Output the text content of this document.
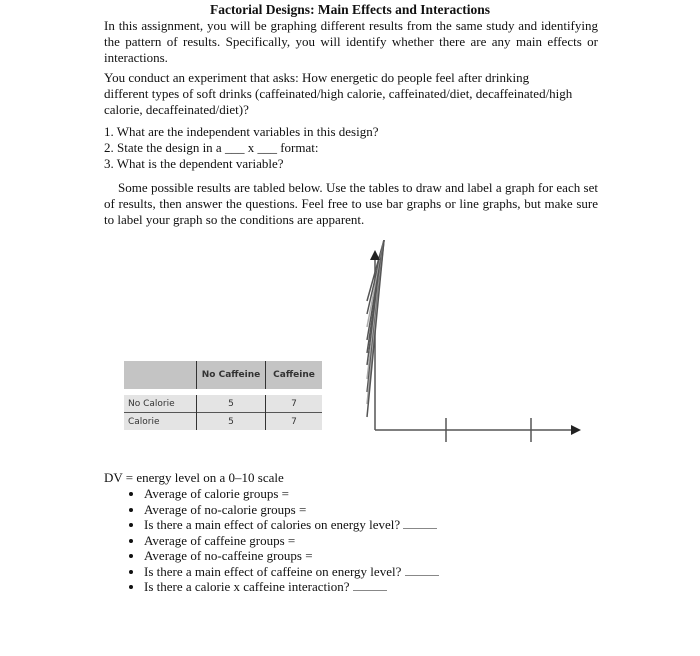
Factorial Designs: Main Effects and Interactions
In this assignment, you will be graphing different results from the same study and identifying the pattern of results. Specifically, you will identify whether there are any main effects or interactions.
You conduct an experiment that asks: How energetic do people feel after drinking different types of soft drinks (caffeinated/high calorie, caffeinated/diet, decaffeinated/high calorie, decaffeinated/diet)?
1. What are the independent variables in this design?
2. State the design in a ___ x ___ format:
3. What is the dependent variable?
Some possible results are tabled below. Use the tables to draw and label a graph for each set of results, then answer the questions. Feel free to use bar graphs or line graphs, but make sure to label your graph so the conditions are apparent.
	No Caffeine	Caffeine

No Calorie	5	7
Calorie	5	7
DV = energy level on a 0–10 scale
• Average of calorie groups =
• Average of no-calorie groups =
• Is there a main effect of calories on energy level?
• Average of caffeine groups =
• Average of no-caffeine groups =
• Is there a main effect of caffeine on energy level?
• Is there a calorie x caffeine interaction?
